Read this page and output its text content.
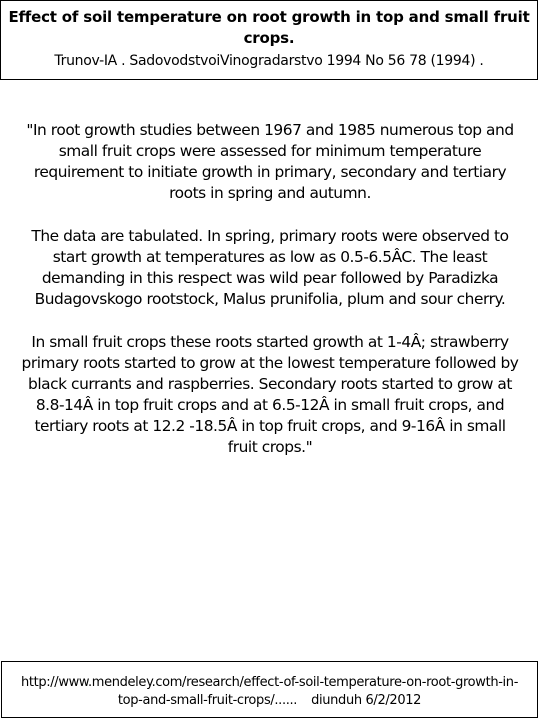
Effect of soil temperature on root growth in top and small fruit crops.

Trunov-IA . SadovodstvoiVinogradarstvo 1994 No 56 78 (1994) .

"In root growth studies between 1967 and 1985 numerous top and small fruit crops were assessed for minimum temperature requirement to initiate growth in primary, secondary and tertiary roots in spring and autumn.

The data are tabulated. In spring, primary roots were observed to start growth at temperatures as low as 0.5-6.5ÂC. The least demanding in this respect was wild pear followed by Paradizka Budagovskogo rootstock, Malus prunifolia, plum and sour cherry.

In small fruit crops these roots started growth at 1-4Â; strawberry primary roots started to grow at the lowest temperature followed by black currants and raspberries. Secondary roots started to grow at 8.8-14Â in top fruit crops and at 6.5-12Â in small fruit crops, and tertiary roots at 12.2 -18.5Â in top fruit crops, and 9-16Â in small fruit crops."

http://www.mendeley.com/research/effect-of-soil-temperature-on-root-growth-in-top-and-small-fruit-crops/...... diunduh 6/2/2012
